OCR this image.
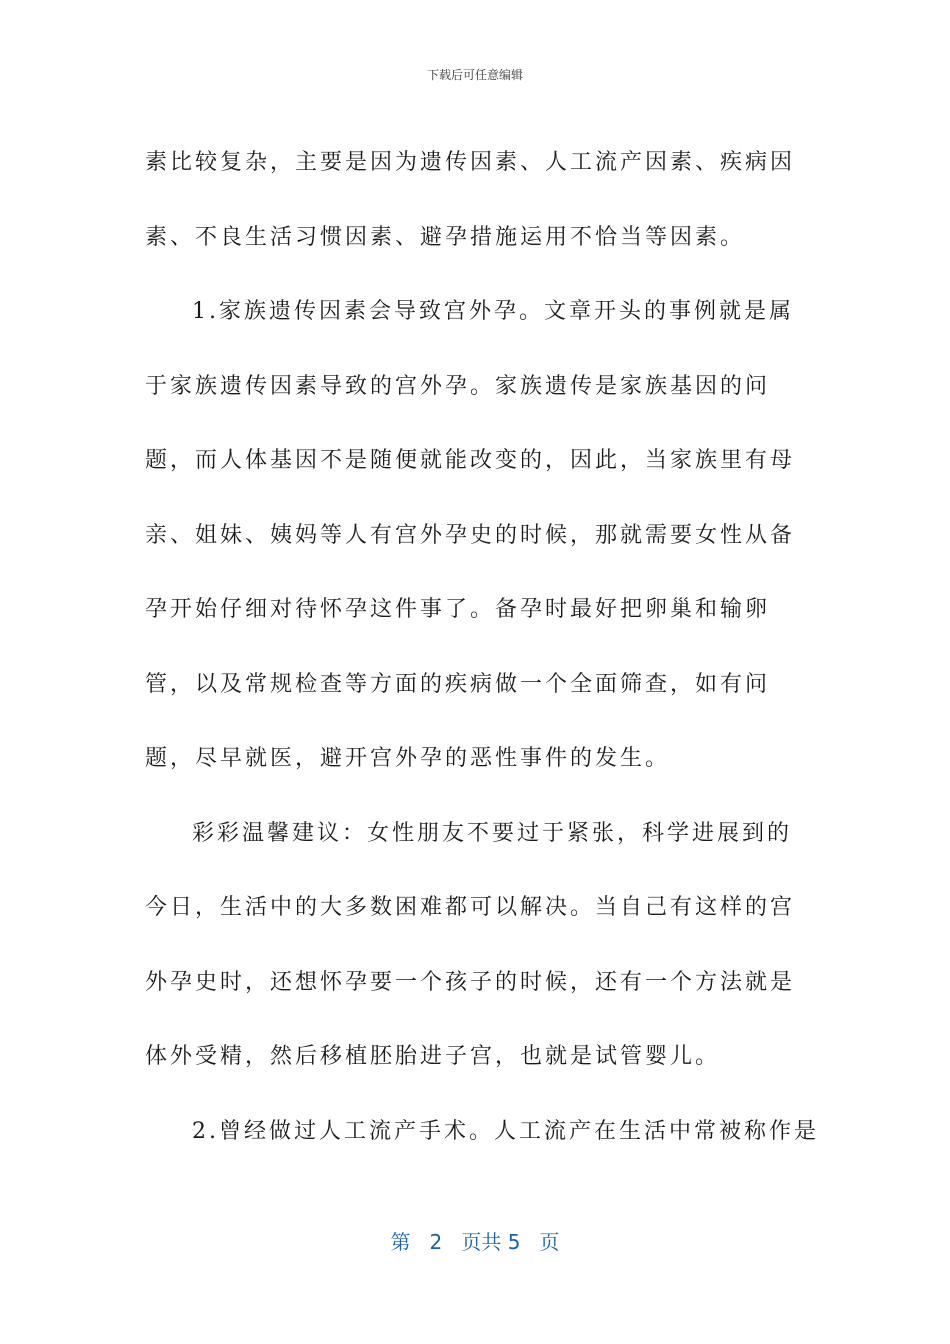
下载后可任意编辑

素比较复杂，主要是因为遗传因素、人工流产因素、疾病因素、不良生活习惯因素、避孕措施运用不恰当等因素。

1.家族遗传因素会导致宫外孕。文章开头的事例就是属于家族遗传因素导致的宫外孕。家族遗传是家族基因的问题，而人体基因不是随便就能改变的，因此，当家族里有母亲、姐妹、姨妈等人有宫外孕史的时候，那就需要女性从备孕开始仔细对待怀孕这件事了。备孕时最好把卵巢和输卵管，以及常规检查等方面的疾病做一个全面筛查，如有问题，尽早就医，避开宫外孕的恶性事件的发生。

彩彩温馨建议：女性朋友不要过于紧张，科学进展到的今日，生活中的大多数困难都可以解决。当自己有这样的宫外孕史时，还想怀孕要一个孩子的时候，还有一个方法就是体外受精，然后移植胚胎进子宫，也就是试管婴儿。

2.曾经做过人工流产手术。人工流产在生活中常被称作是

第 2 页共 5 页
